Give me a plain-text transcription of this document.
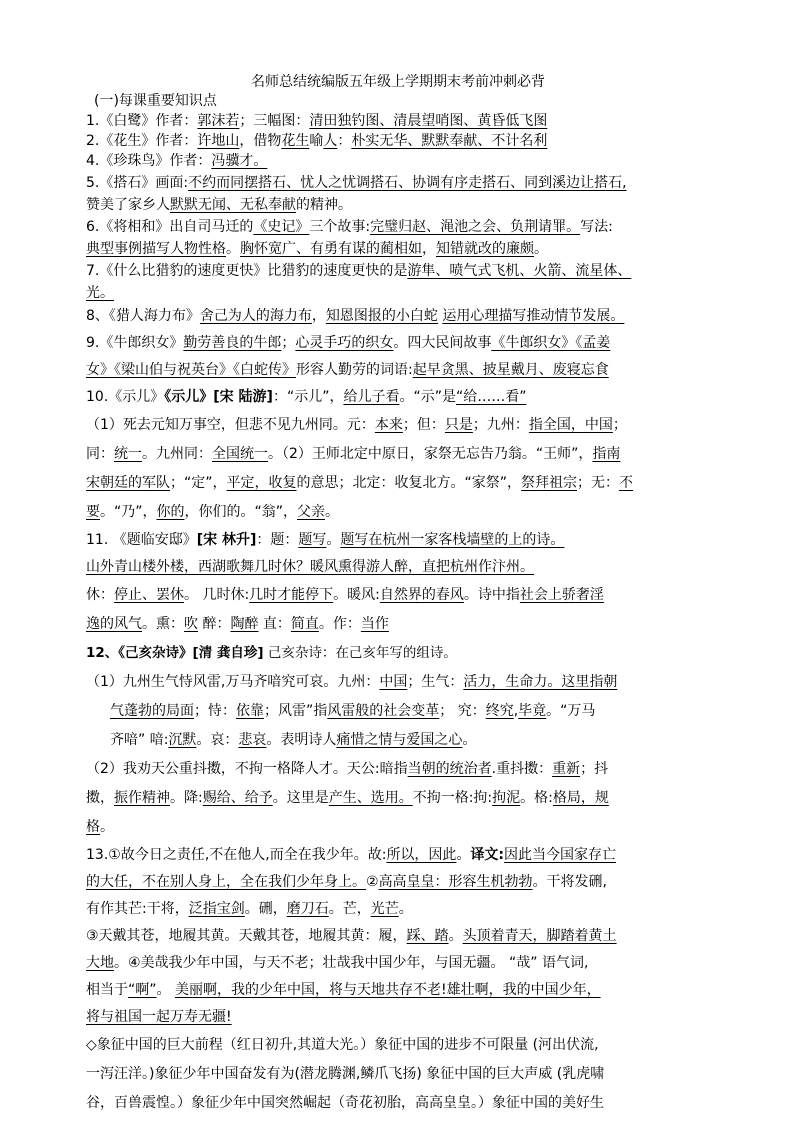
名师总结统编版五年级上学期期末考前冲刺必背
(一)每课重要知识点
1.《白鹭》作者：郭沫若；三幅图：清田独钓图、清晨望哨图、黄昏低飞图
2.《花生》作者：许地山，借物花生喻人：朴实无华、默默奉献、不计名利
4.《珍珠鸟》作者：冯骥才。
5.《搭石》画面:不约而同摆搭石、忧人之忧调搭石、协调有序走搭石、同到溪边让搭石,
赞美了家乡人默默无闻、无私奉献的精神。
6.《将相和》出自司马迁的《史记》三个故事:完璧归赵、渑池之会、负荆请罪。写法:
典型事例描写人物性格。胸怀宽广、有勇有谋的蔺相如，知错就改的廉颇。
7.《什么比猎豹的速度更快》比猎豹的速度更快的是游隼、喷气式飞机、火箭、流星体、
光。
8、《猎人海力布》舍己为人的海力布，知恩图报的小白蛇 运用心理描写推动情节发展。
9.《牛郎织女》勤劳善良的牛郎；心灵手巧的织女。四大民间故事《牛郎织女》《孟姜
女》《梁山伯与祝英台》《白蛇传》形容人勤劳的词语:起早贪黑、披星戴月、废寝忘食
10.《示儿》《示儿》[宋 陆游]：“示儿”，给儿子看。“示”是“给……看”
（1）死去元知万事空，但悲不见九州同。元：本来；但：只是；九州：指全国，中国；
同：统一。九州同：全国统一。（2）王师北定中原日，家祭无忘告乃翁。“王师”，指南
宋朝廷的军队；“定”，平定，收复的意思；北定：收复北方。“家祭”，祭拜祖宗；无：不
要。“乃”，你的，你们的。“翁”，父亲。
11. 《题临安邸》[宋 林升]：题：题写。题写在杭州一家客栈墙壁的上的诗。
山外青山楼外楼，西湖歌舞几时休？暖风熏得游人醉，直把杭州作汴州。
休：停止、罢休。 几时休:几时才能停下。暖风:自然界的春风。诗中指社会上骄奢淫
逸的风气。熏：吹 醉：陶醉 直：简直。作：当作
12、《己亥杂诗》[清 龚自珍] 己亥杂诗：在己亥年写的组诗。
（1）九州生气恃风雷,万马齐喑究可哀。九州：中国；生气：活力，生命力。这里指朝
气蓬勃的局面；恃：依靠；风雷”指风雷般的社会变革； 究：终究,毕竟。“万马
齐喑” 喑:沉默。哀：悲哀。表明诗人痛惜之情与爱国之心。
（2）我劝天公重抖擞，不拘一格降人才。天公:暗指当朝的统治者.重抖擞：重新；抖
擞，振作精神。降:赐给、给予。这里是产生、选用。不拘一格:拘:拘泥。格:格局，规
格。
13.①故今日之责任,不在他人,而全在我少年。故:所以，因此。译文:因此当今国家存亡
的大任，不在别人身上，全在我们少年身上。②高高皇皇：形容生机勃勃。干将发硎,
有作其芒:干将，泛指宝剑。硎，磨刀石。芒，光芒。
③天戴其苍，地履其黄。天戴其苍，地履其黄：履，踩、踏。头顶着青天，脚踏着黄土
大地。④美哉我少年中国，与天不老；壮哉我中国少年，与国无疆。 “哉” 语气词,
相当于“啊”。 美丽啊，我的少年中国，将与天地共存不老!雄壮啊，我的中国少年，
将与祖国一起万寿无疆!
◇象征中国的巨大前程（红日初升,其道大光。）象征中国的进步不可限量 (河出伏流,
一泻汪洋。)象征少年中国奋发有为(潜龙腾渊,鳞爪飞扬) 象征中国的巨大声威 (乳虎啸
谷，百兽震惶。）象征少年中国突然崛起（奇花初胎，高高皇皇。）象征中国的美好生
